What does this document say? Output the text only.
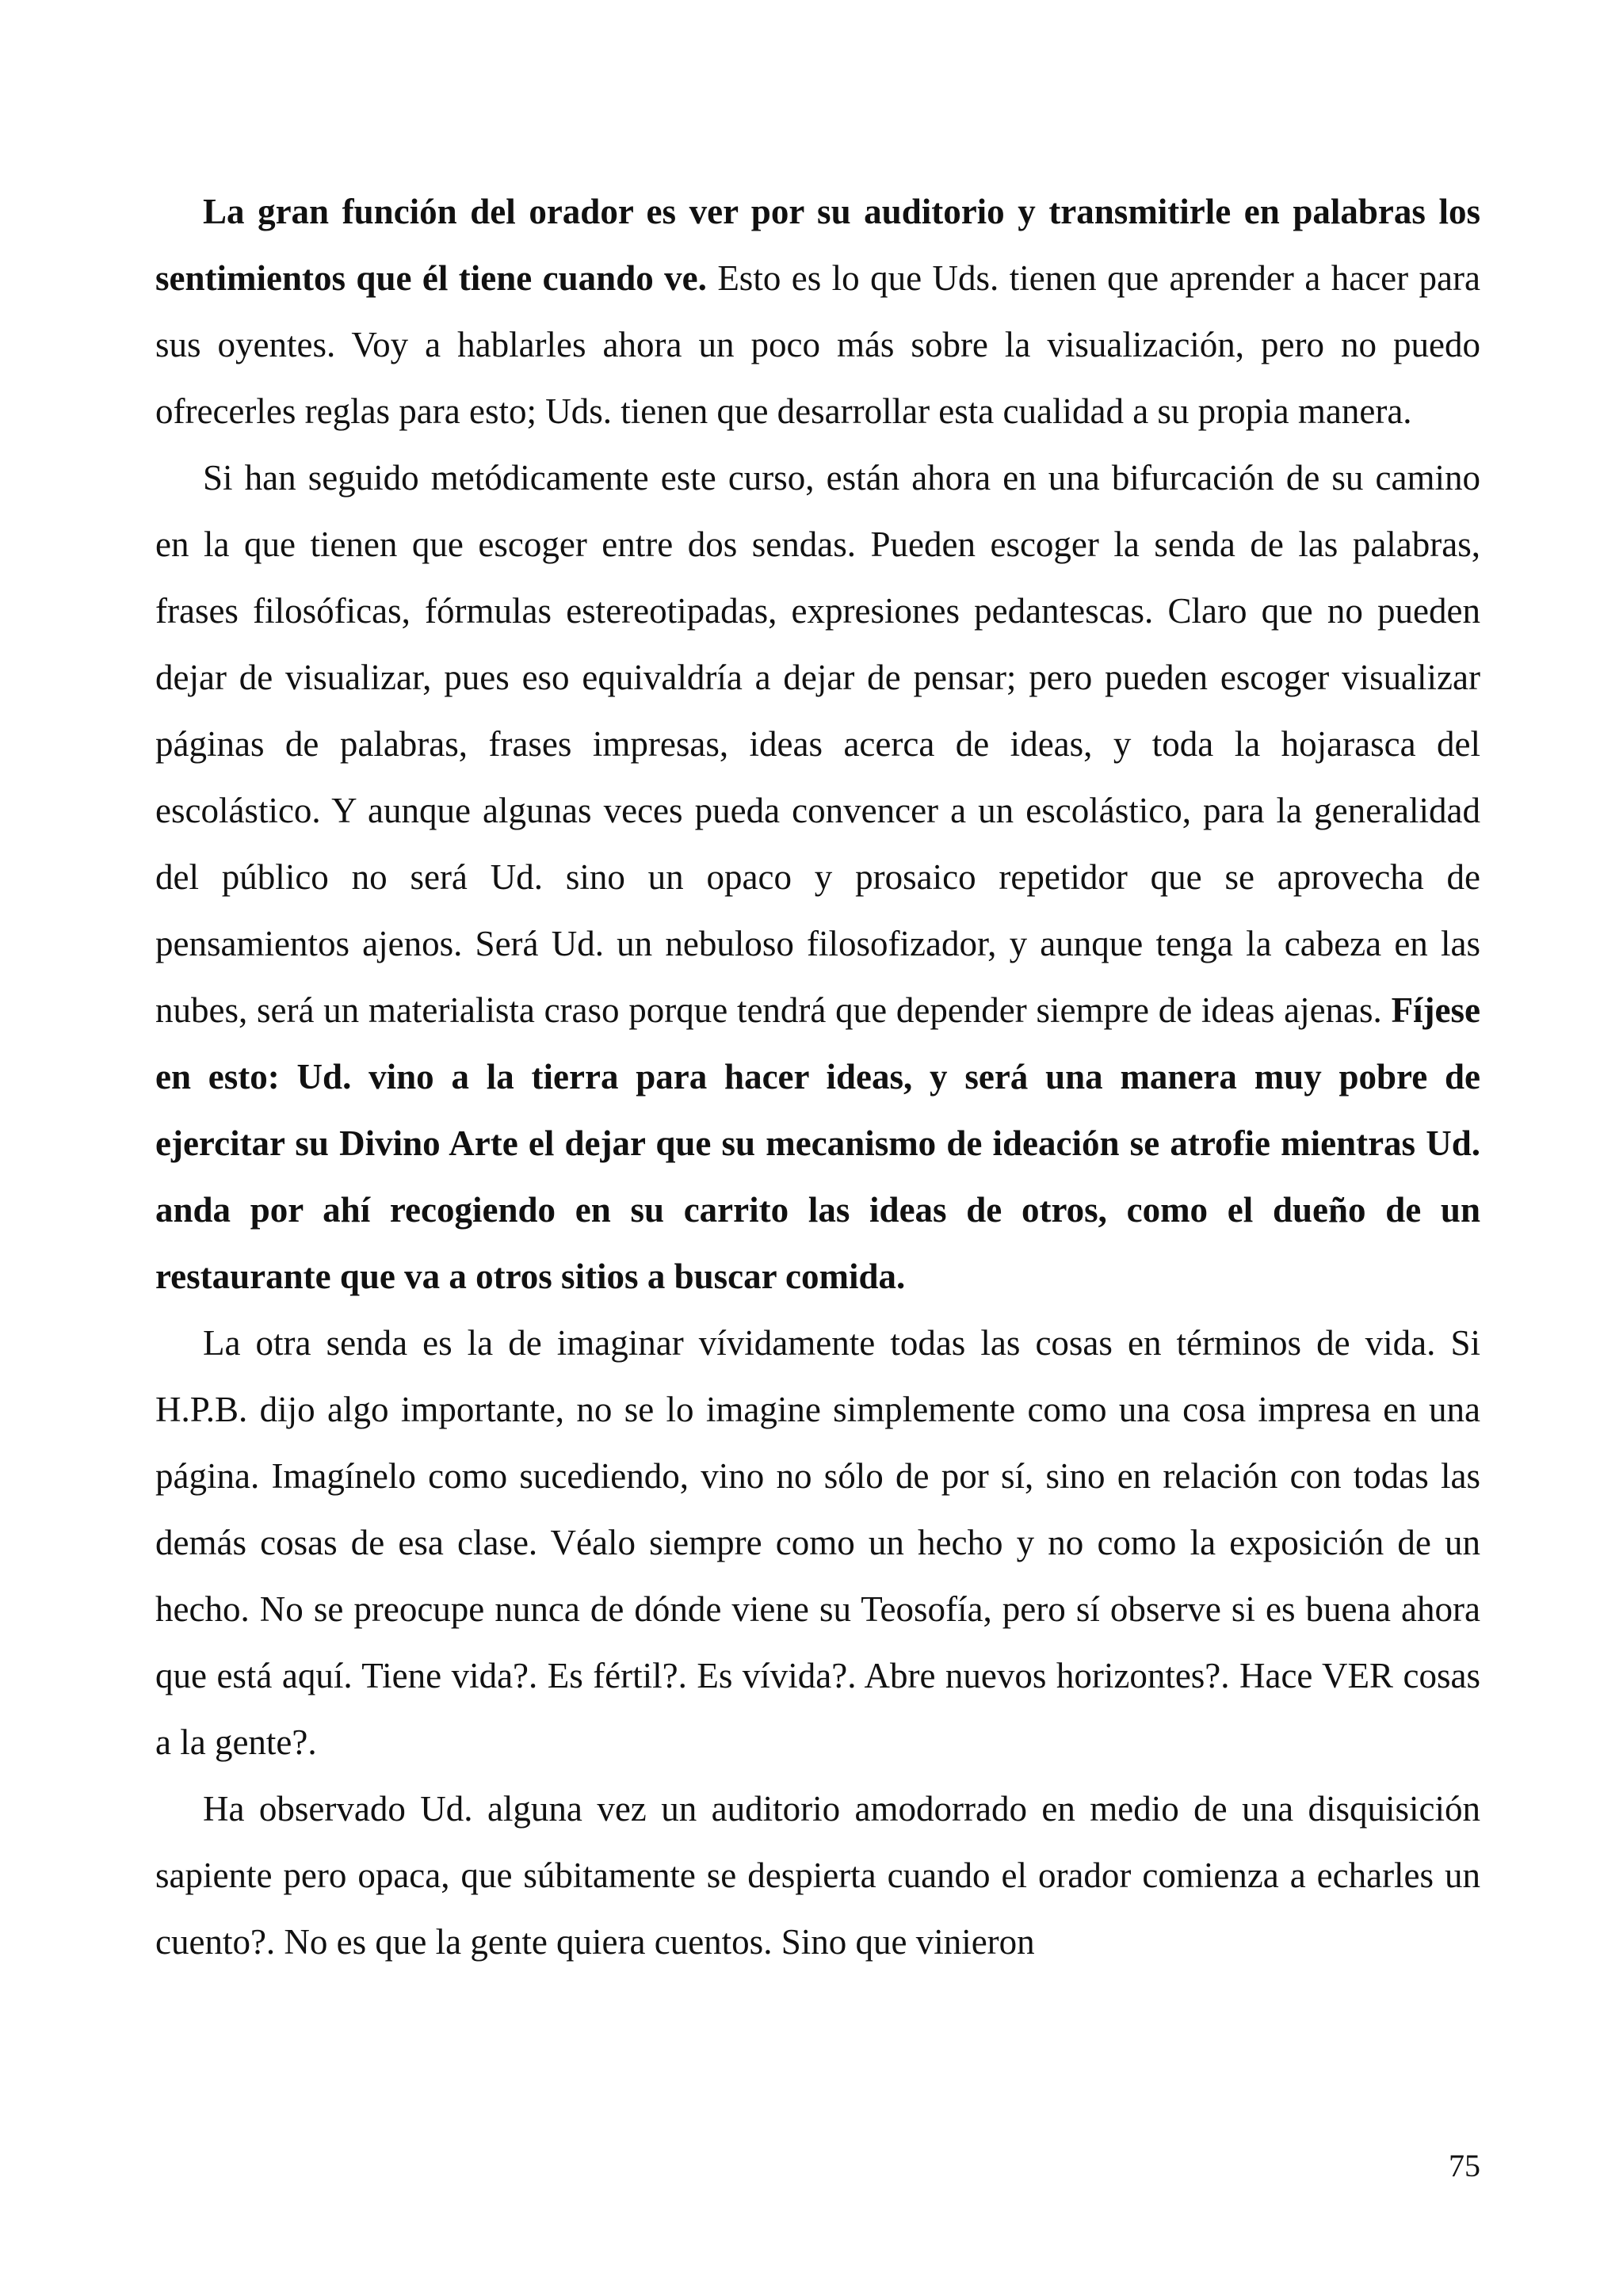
La gran función del orador es ver por su auditorio y transmitirle en palabras los sentimientos que él tiene cuando ve. Esto es lo que Uds. tienen que aprender a hacer para sus oyentes. Voy a hablarles ahora un poco más sobre la visualización, pero no puedo ofrecerles reglas para esto; Uds. tienen que desarrollar esta cualidad a su propia manera.

Si han seguido metódicamente este curso, están ahora en una bifurcación de su camino en la que tienen que escoger entre dos sendas. Pueden escoger la senda de las palabras, frases filosóficas, fórmulas estereotipadas, expresiones pedantescas. Claro que no pueden dejar de visualizar, pues eso equivaldría a dejar de pensar; pero pueden escoger visualizar páginas de palabras, frases impresas, ideas acerca de ideas, y toda la hojarasca del escolástico. Y aunque algunas veces pueda convencer a un escolástico, para la generalidad del público no será Ud. sino un opaco y prosaico repetidor que se aprovecha de pensamientos ajenos. Será Ud. un nebuloso filosofizador, y aunque tenga la cabeza en las nubes, será un materialista craso porque tendrá que depender siempre de ideas ajenas. Fíjese en esto: Ud. vino a la tierra para hacer ideas, y será una manera muy pobre de ejercitar su Divino Arte el dejar que su mecanismo de ideación se atrofie mientras Ud. anda por ahí recogiendo en su carrito las ideas de otros, como el dueño de un restaurante que va a otros sitios a buscar comida.

La otra senda es la de imaginar vívidamente todas las cosas en términos de vida. Si H.P.B. dijo algo importante, no se lo imagine simplemente como una cosa impresa en una página. Imagínelo como sucediendo, vino no sólo de por sí, sino en relación con todas las demás cosas de esa clase. Véalo siempre como un hecho y no como la exposición de un hecho. No se preocupe nunca de dónde viene su Teosofía, pero sí observe si es buena ahora que está aquí. Tiene vida?. Es fértil?. Es vívida?. Abre nuevos horizontes?. Hace VER cosas a la gente?.

Ha observado Ud. alguna vez un auditorio amodorrado en medio de una disquisición sapiente pero opaca, que súbitamente se despierta cuando el orador comienza a echarles un cuento?. No es que la gente quiera cuentos. Sino que vinieron

75
